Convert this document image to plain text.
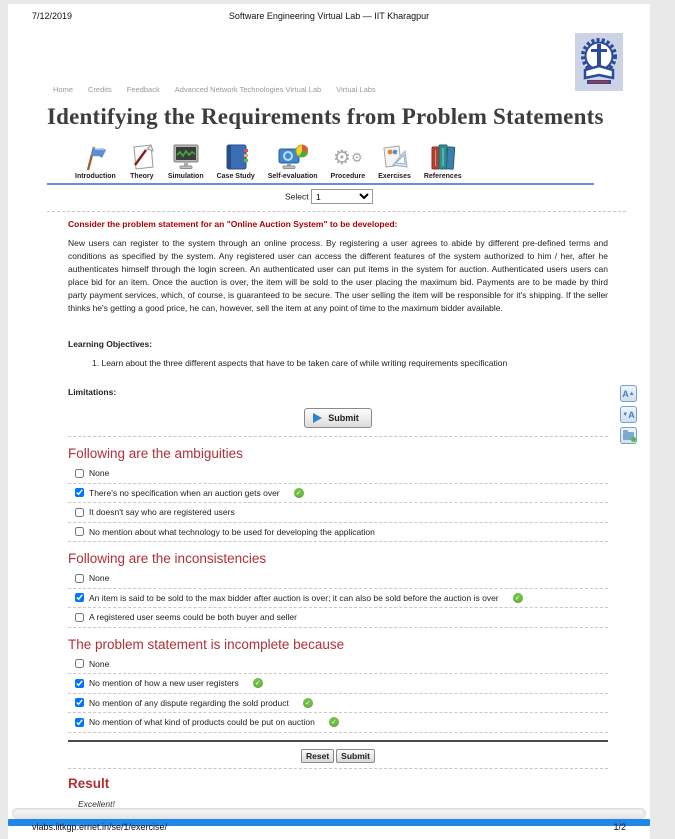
7/12/2019	Software Engineering Virtual Lab — IIT Kharagpur
Home Credits Feedback Advanced Network Technologies Virtual Lab Virtual Labs
Identifying the Requirements from Problem Statements
Introduction Theory Simulation Case Study Self-evaluation
⚙ ⚙
Procedure Exercises References
Select
1
Consider the problem statement for an "Online Auction System" to be developed:

New users can register to the system through an online process. By registering a user agrees to abide by different pre-defined terms and conditions as specified by the system. Any registered user can access the different features of the system authorized to him / her, after he authenticates himself through the login screen. An authenticated user can put items in the system for auction. Authenticated users users can place bid for an item. Once the auction is over, the item will be sold to the user placing the maximum bid. Payments are to be made by third party payment services, which, of course, is guaranteed to be secure. The user selling the item will be responsible for it's shipping. If the seller thinks he's getting a good price, he can, however, sell the item at any point of time to the maximum bidder available.

Learning Objectives:
1. Learn about the three different aspects that have to be taken care of while writing requirements specification
Limitations:
Submit
Following are the ambiguities
None
There's no specification when an auction gets over ✓
It doesn't say who are registered users
No mention about what technology to be used for developing the application
Following are the inconsistencies
None
An item is said to be sold to the max bidder after auction is over; it can also be sold before the auction is over ✓
A registered user seems could be both buyer and seller
The problem statement is incomplete because
None
No mention of how a new user registers ✓
No mention of any dispute regarding the sold product ✓
No mention of what kind of products could be put on auction ✓
Reset Submit
Result
Excellent!
A ▲
▼ A
vlabs.iitkgp.ernet.in/se/1/exercise/	1/2
